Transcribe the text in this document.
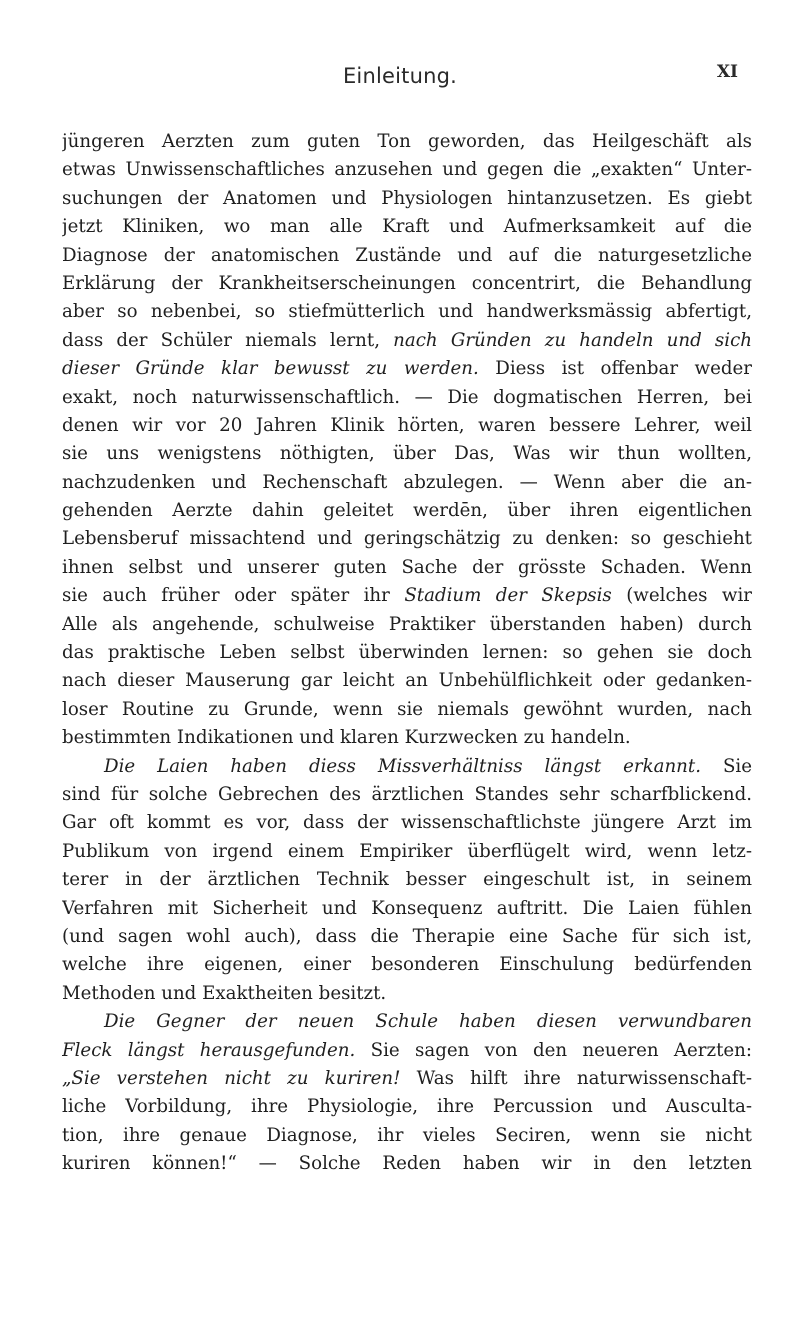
Einleitung.	XI
jüngeren Aerzten zum guten Ton geworden, das Heilgeschäft als
etwas Unwissenschaftliches anzusehen und gegen die „exakten“ Unter-
suchungen der Anatomen und Physiologen hintanzusetzen. Es giebt
jetzt Kliniken, wo man alle Kraft und Aufmerksamkeit auf die
Diagnose der anatomischen Zustände und auf die naturgesetzliche
Erklärung der Krankheitserscheinungen concentrirt, die Behandlung
aber so nebenbei, so stiefmütterlich und handwerksmässig abfertigt,
dass der Schüler niemals lernt, nach Gründen zu handeln und sich
dieser Gründe klar bewusst zu werden. Diess ist offenbar weder
exakt, noch naturwissenschaftlich. — Die dogmatischen Herren, bei
denen wir vor 20 Jahren Klinik hörten, waren bessere Lehrer, weil
sie uns wenigstens nöthigten, über Das, Was wir thun wollten,
nachzudenken und Rechenschaft abzulegen. — Wenn aber die an-
gehenden Aerzte dahin geleitet werdēn, über ihren eigentlichen
Lebensberuf missachtend und geringschätzig zu denken: so geschieht
ihnen selbst und unserer guten Sache der grösste Schaden. Wenn
sie auch früher oder später ihr Stadium der Skepsis (welches wir
Alle als angehende, schulweise Praktiker überstanden haben) durch
das praktische Leben selbst überwinden lernen: so gehen sie doch
nach dieser Mauserung gar leicht an Unbehülflichkeit oder gedanken-
loser Routine zu Grunde, wenn sie niemals gewöhnt wurden, nach
bestimmten Indikationen und klaren Kurzwecken zu handeln.
Die Laien haben diess Missverhältniss längst erkannt. Sie
sind für solche Gebrechen des ärztlichen Standes sehr scharfblickend.
Gar oft kommt es vor, dass der wissenschaftlichste jüngere Arzt im
Publikum von irgend einem Empiriker überflügelt wird, wenn letz-
terer in der ärztlichen Technik besser eingeschult ist, in seinem
Verfahren mit Sicherheit und Konsequenz auftritt. Die Laien fühlen
(und sagen wohl auch), dass die Therapie eine Sache für sich ist,
welche ihre eigenen, einer besonderen Einschulung bedürfenden
Methoden und Exaktheiten besitzt.
Die Gegner der neuen Schule haben diesen verwundbaren
Fleck längst herausgefunden. Sie sagen von den neueren Aerzten:
„Sie verstehen nicht zu kuriren! Was hilft ihre naturwissenschaft-
liche Vorbildung, ihre Physiologie, ihre Percussion und Ausculta-
tion, ihre genaue Diagnose, ihr vieles Seciren, wenn sie nicht
kuriren können!“ — Solche Reden haben wir in den letzten
